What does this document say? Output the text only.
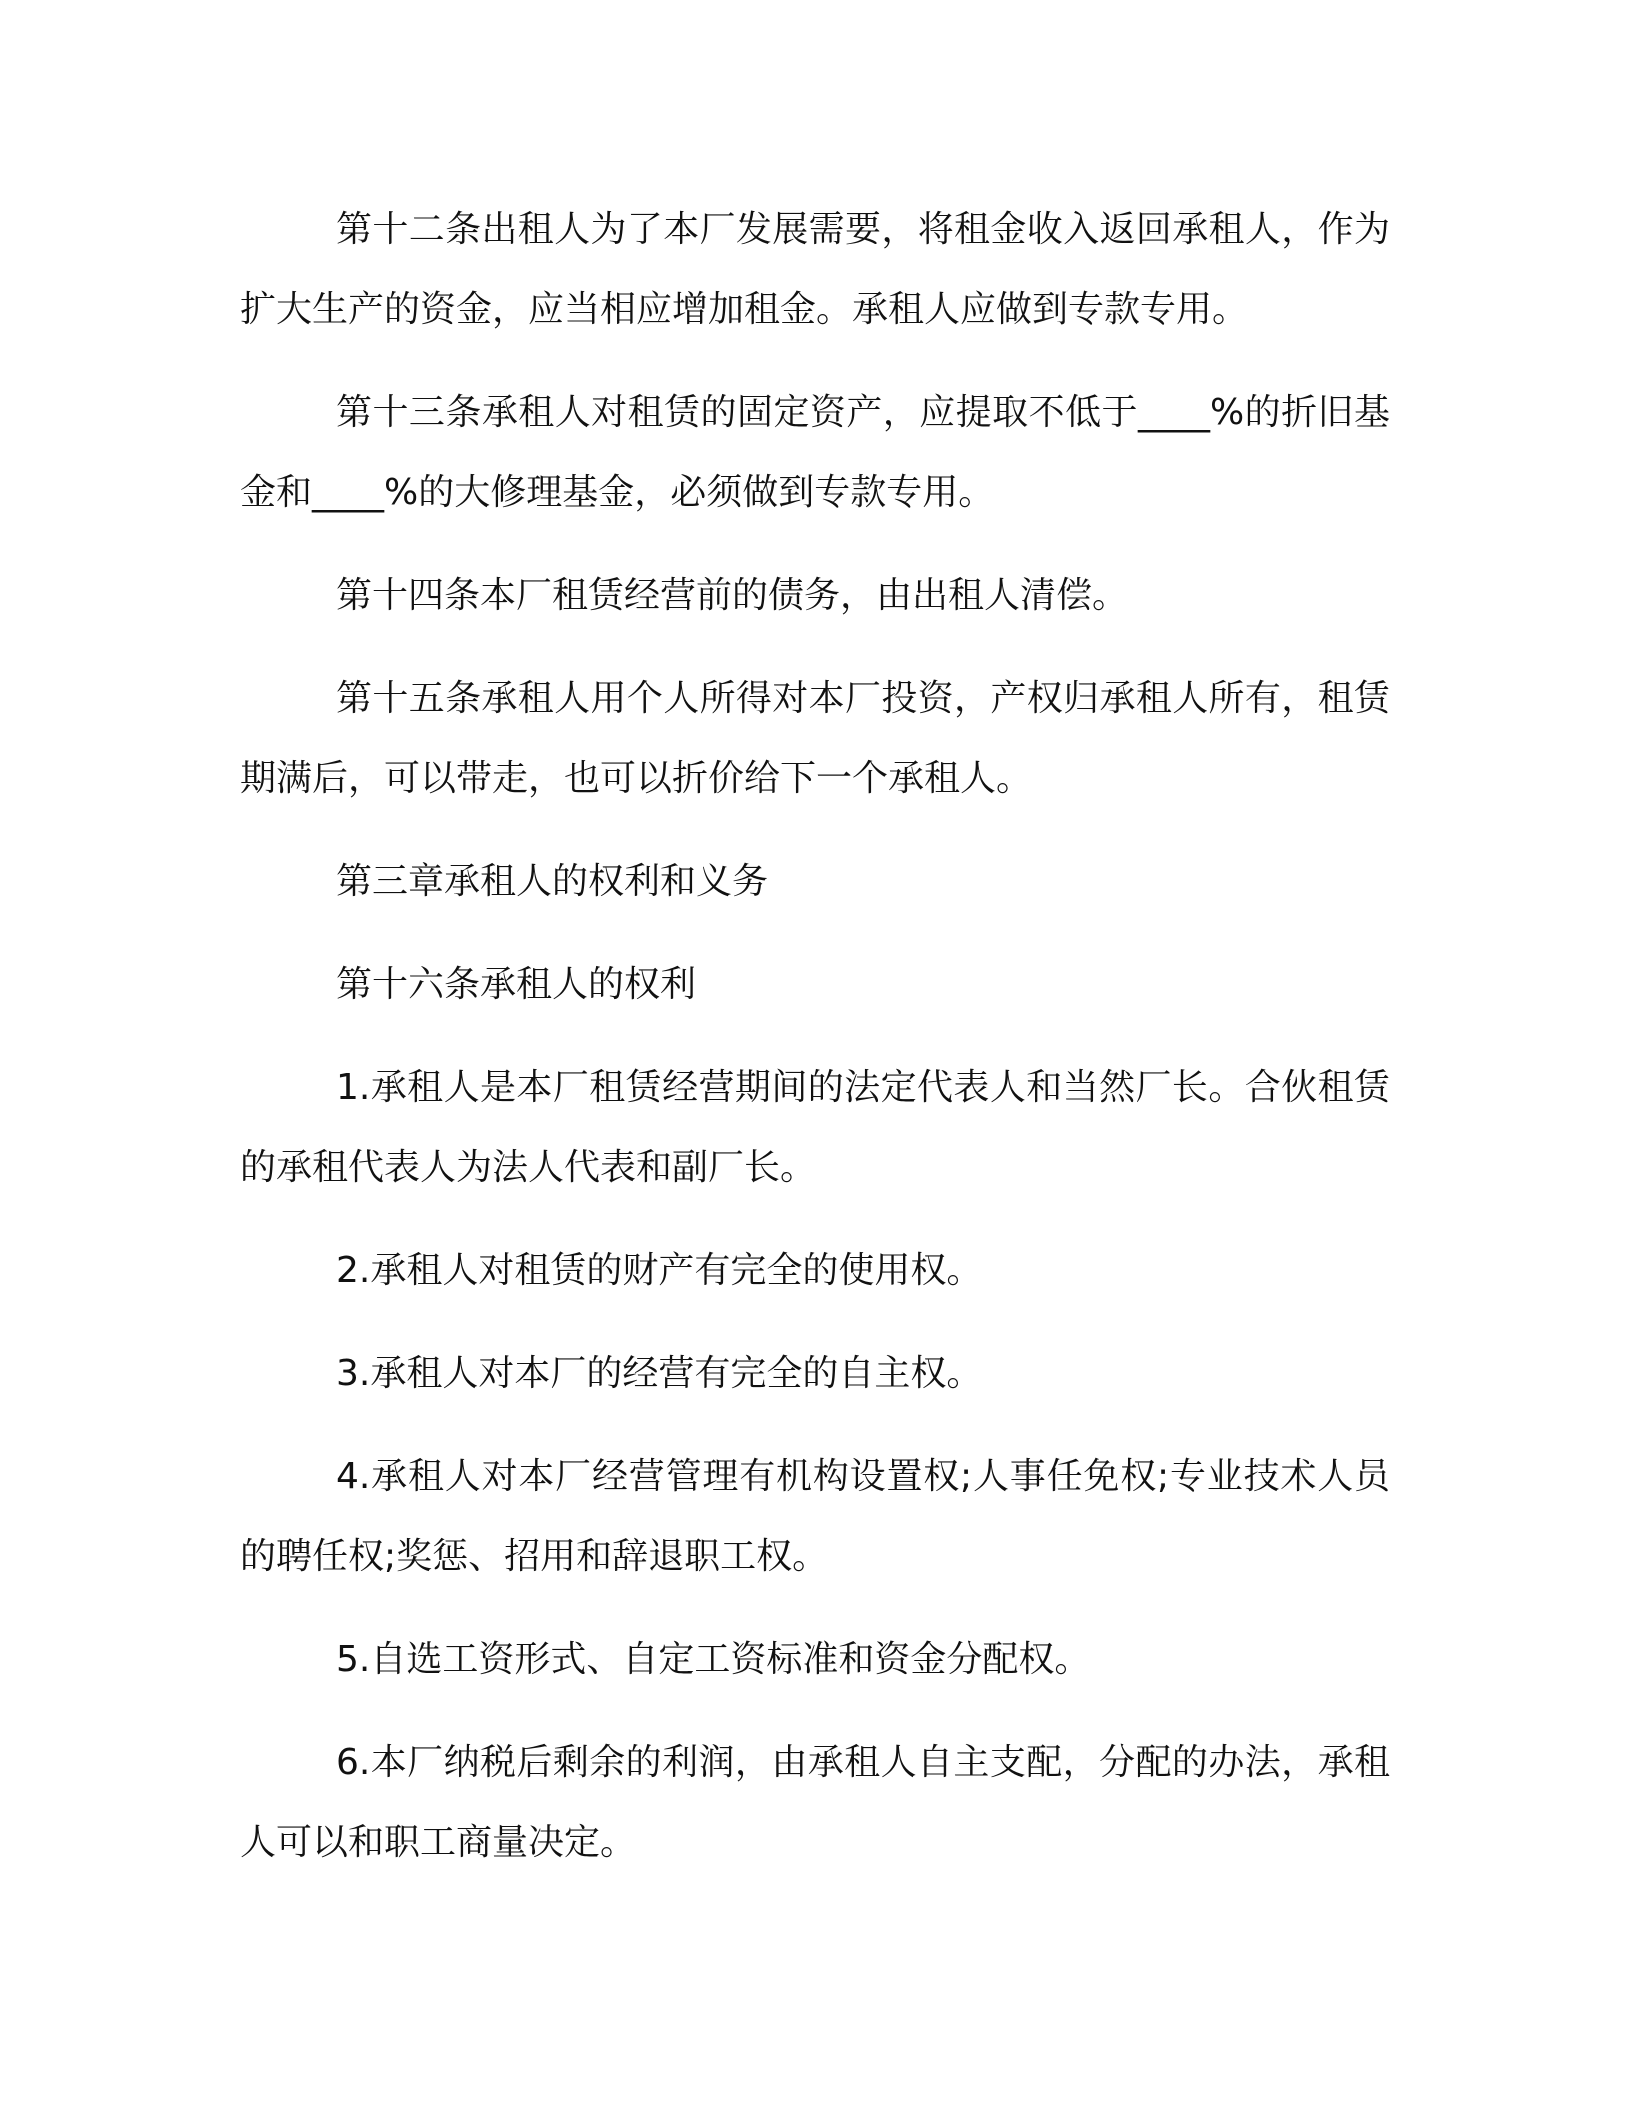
第十二条出租人为了本厂发展需要，将租金收入返回承租人，作为扩大生产的资金，应当相应增加租金。承租人应做到专款专用。

第十三条承租人对租赁的固定资产，应提取不低于____%的折旧基金和____%的大修理基金，必须做到专款专用。

第十四条本厂租赁经营前的债务，由出租人清偿。

第十五条承租人用个人所得对本厂投资，产权归承租人所有，租赁期满后，可以带走，也可以折价给下一个承租人。

第三章承租人的权利和义务

第十六条承租人的权利

1.承租人是本厂租赁经营期间的法定代表人和当然厂长。合伙租赁的承租代表人为法人代表和副厂长。

2.承租人对租赁的财产有完全的使用权。

3.承租人对本厂的经营有完全的自主权。

4.承租人对本厂经营管理有机构设置权;人事任免权;专业技术人员的聘任权;奖惩、招用和辞退职工权。

5.自选工资形式、自定工资标准和资金分配权。

6.本厂纳税后剩余的利润，由承租人自主支配，分配的办法，承租人可以和职工商量决定。
